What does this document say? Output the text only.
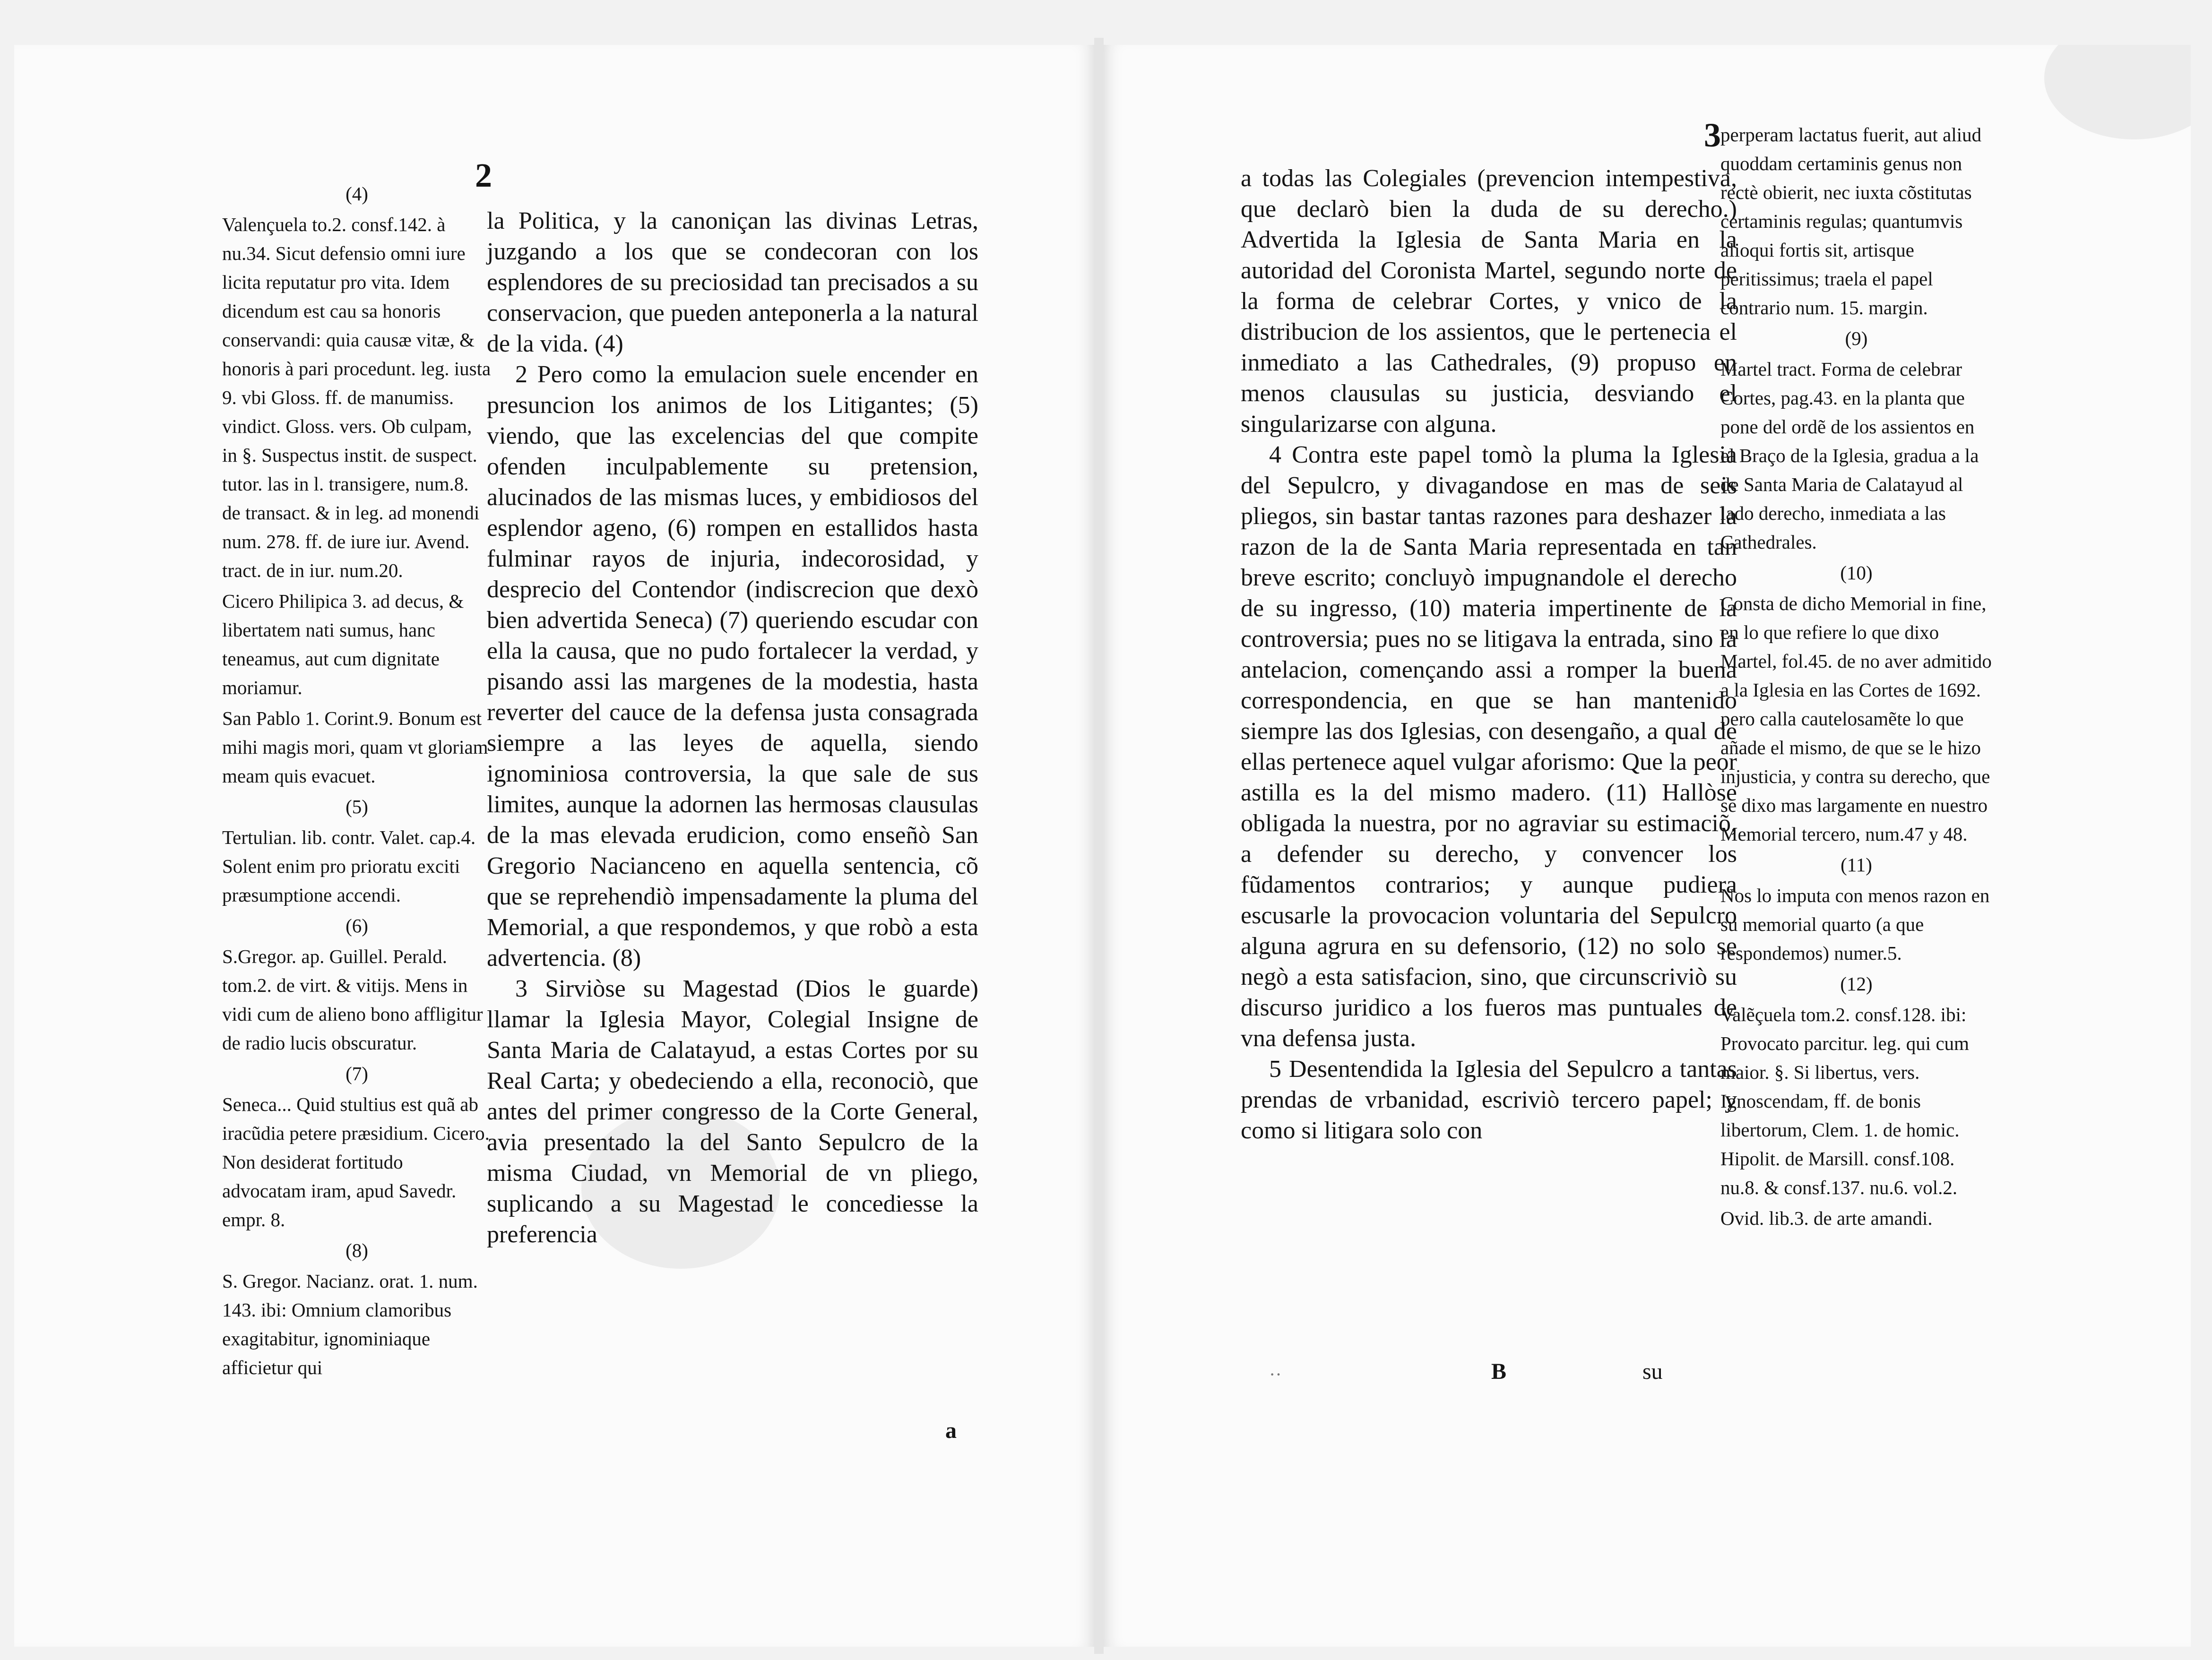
2

(4)

Valençuela to.2. consf.142. à nu.34. Sicut defensio omni iure licita reputatur pro vita. Idem dicendum est cau sa honoris conservandi: quia causæ vitæ, & honoris à pari procedunt. leg. iusta 9. vbi Gloss. ff. de manumiss. vindict. Gloss. vers. Ob culpam, in §. Suspectus instit. de suspect. tutor. las in l. transigere, num.8. de transact. & in leg. ad monendi num. 278. ff. de iure iur. Avend. tract. de in iur. num.20.

Cicero Philipica 3. ad decus, & libertatem nati sumus, hanc teneamus, aut cum dignitate moriamur.

San Pablo 1. Corint.9. Bonum est mihi magis mori, quam vt gloriam meam quis evacuet.

(5)

Tertulian. lib. contr. Valet. cap.4. Solent enim pro prioratu exciti præsumptione accendi.

(6)

S.Gregor. ap. Guillel. Perald. tom.2. de virt. & vitijs. Mens in vidi cum de alieno bono affligitur de radio lucis obscuratur.

(7)

Seneca... Quid stultius est quã ab iracũdia petere præsidium. Cicero. Non desiderat fortitudo advocatam iram, apud Savedr. empr. 8.

(8)

S. Gregor. Nacianz. orat. 1. num. 143. ibi: Omnium clamoribus exagitabitur, ignominiaque afficietur qui

la Politica, y la canoniçan las divinas Letras, juzgando a los que se condecoran con los esplendores de su preciosidad tan precisados a su conservacion, que pueden anteponerla a la natural de la vida. (4)

2 Pero como la emulacion suele encender en presuncion los animos de los Litigantes; (5) viendo, que las excelencias del que compite ofenden inculpablemente su pretension, alucinados de las mismas luces, y embidiosos del esplendor ageno, (6) rompen en estallidos hasta fulminar rayos de injuria, indecorosidad, y desprecio del Contendor (indiscrecion que dexò bien advertida Seneca) (7) queriendo escudar con ella la causa, que no pudo fortalecer la verdad, y pisando assi las margenes de la modestia, hasta reverter del cauce de la defensa justa consagrada siempre a las leyes de aquella, siendo ignominiosa controversia, la que sale de sus limites, aunque la adornen las hermosas clausulas de la mas elevada erudicion, como enseñò San Gregorio Nacianceno en aquella sentencia, cõ que se reprehendiò impensadamente la pluma del Memorial, a que respondemos, y que robò a esta advertencia. (8)

3 Sirviòse su Magestad (Dios le guarde) llamar la Iglesia Mayor, Colegial Insigne de Santa Maria de Calatayud, a estas Cortes por su Real Carta; y obedeciendo a ella, reconociò, que antes del primer congresso de la Corte General, avia presentado la del Santo Sepulcro de la misma Ciudad, vn Memorial de vn pliego, suplicando a su Magestad le concediesse la preferencia

a
3

a todas las Colegiales (prevencion intempestiva, que declarò bien la duda de su derecho.) Advertida la Iglesia de Santa Maria en la autoridad del Coronista Martel, segundo norte de la forma de celebrar Cortes, y vnico de la distribucion de los assientos, que le pertenecia el inmediato a las Cathedrales, (9) propuso en menos clausulas su justicia, desviando el singularizarse con alguna.

4 Contra este papel tomò la pluma la Iglesia del Sepulcro, y divagandose en mas de seis pliegos, sin bastar tantas razones para deshazer la razon de la de Santa Maria representada en tan breve escrito; concluyò impugnandole el derecho de su ingresso, (10) materia impertinente de la controversia; pues no se litigava la entrada, sino la antelacion, començando assi a romper la buena correspondencia, en que se han mantenido siempre las dos Iglesias, con desengaño, a qual de ellas pertenece aquel vulgar aforismo: Que la peor astilla es la del mismo madero. (11) Hallòse obligada la nuestra, por no agraviar su estimaciõ, a defender su derecho, y convencer los fũdamentos contrarios; y aunque pudiera escusarle la provocacion voluntaria del Sepulcro alguna agrura en su defensorio, (12) no solo se negò a esta satisfacion, sino, que circunscriviò su discurso juridico a los fueros mas puntuales de vna defensa justa.

5 Desentendida la Iglesia del Sepulcro a tantas prendas de vrbanidad, escriviò tercero papel; y como si litigara solo con

perperam lactatus fuerit, aut aliud quoddam certaminis genus non rectè obierit, nec iuxta cõstitutas certaminis regulas; quantumvis alioqui fortis sit, artisque peritissimus; traela el papel contrario num. 15. margin.

(9)

Martel tract. Forma de celebrar Cortes, pag.43. en la planta que pone del ordẽ de los assientos en el Braço de la Iglesia, gradua a la de Santa Maria de Calatayud al lado derecho, inmediata a las Cathedrales.

(10)

Consta de dicho Memorial in fine, en lo que refiere lo que dixo Martel, fol.45. de no aver admitido a la Iglesia en las Cortes de 1692. pero calla cautelosamẽte lo que añade el mismo, de que se le hizo injusticia, y contra su derecho, que se dixo mas largamente en nuestro Memorial tercero, num.47 y 48.

(11)

Nos lo imputa con menos razon en su memorial quarto (a que respondemos) numer.5.

(12)

Valẽçuela tom.2. consf.128. ibi: Provocato parcitur. leg. qui cum maior. §. Si libertus, vers. Ignoscendam, ff. de bonis libertorum, Clem. 1. de homic. Hipolit. de Marsill. consf.108. nu.8. & consf.137. nu.6. vol.2.

Ovid. lib.3. de arte amandi.

··	B	su
